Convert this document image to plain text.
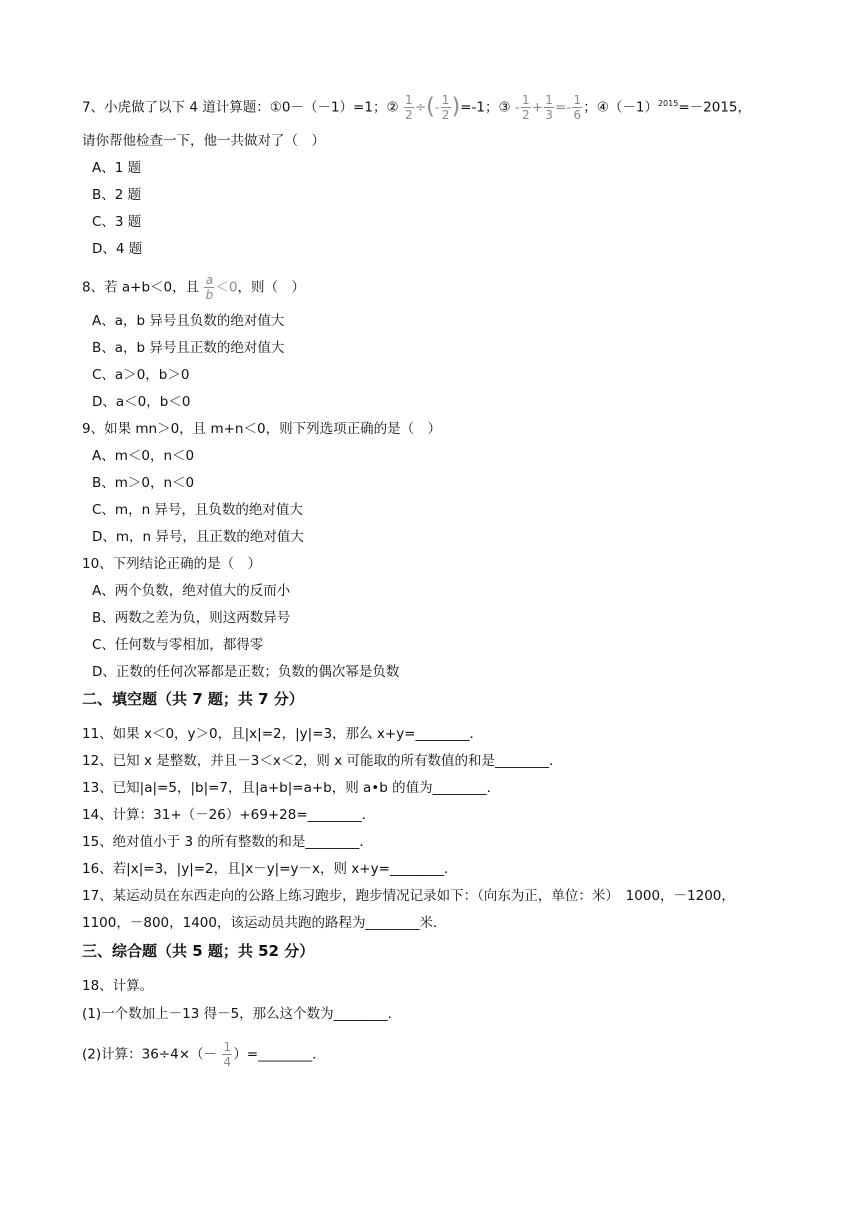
7、小虎做了以下 4 道计算题：①0－（－1）=1；② $\frac{1}{2}$ ÷(- $\frac{1}{2} )=-1$；③ - $\frac{1}{2} + \frac{1}{3} =- \frac{1}{6}$ ；$④(-1)^{2015}=-2015$，
请你帮他检查一下，他一共做对了（　）
A、1 题
B、2 题
C、3 题
D、4 题
8、若 a+b＜0，且 $\frac{a}{b} <0$，则（　）
A、a，b 异号且负数的绝对值大
B、a，b 异号且正数的绝对值大
C、a＞0，b＞0
D、a＜0，b＜0
9、如果 mn＞0，且 m+n＜0，则下列选项正确的是（　）
A、m＜0，n＜0
B、m＞0，n＜0
C、m，n 异号，且负数的绝对值大
D、m，n 异号，且正数的绝对值大
10、下列结论正确的是（　）
A、两个负数，绝对值大的反而小
B、两数之差为负，则这两数异号
C、任何数与零相加，都得零
D、正数的任何次幂都是正数；负数的偶次幂是负数
二、填空题（共 7 题；共 7 分）
11、如果 x＜0，y＞0，且|x|=2，|y|=3，那么 x+y=________．
12、已知 x 是整数，并且－3＜x＜2，则 x 可能取的所有数值的和是________．
13、已知|a|=5，|b|=7，且|a+b|=a+b，则 a•b 的值为________．
14、计算：31+（－26）+69+28=________．
15、绝对值小于 3 的所有整数的和是________．
16、若|x|=3，|y|=2，且|x－y|=y－x，则 x+y=________．
17、某运动员在东西走向的公路上练习跑步，跑步情况记录如下：（向东为正，单位：米）　1000，－1200，
1100，－800，1400，该运动员共跑的路程为________米．
三、综合题（共 5 题；共 52 分）
18、计算。
(1)一个数加上－13 得－5，那么这个数为________．
(2)计算：$36\div 4\times(- \frac{1}{4}$ ）=________．
